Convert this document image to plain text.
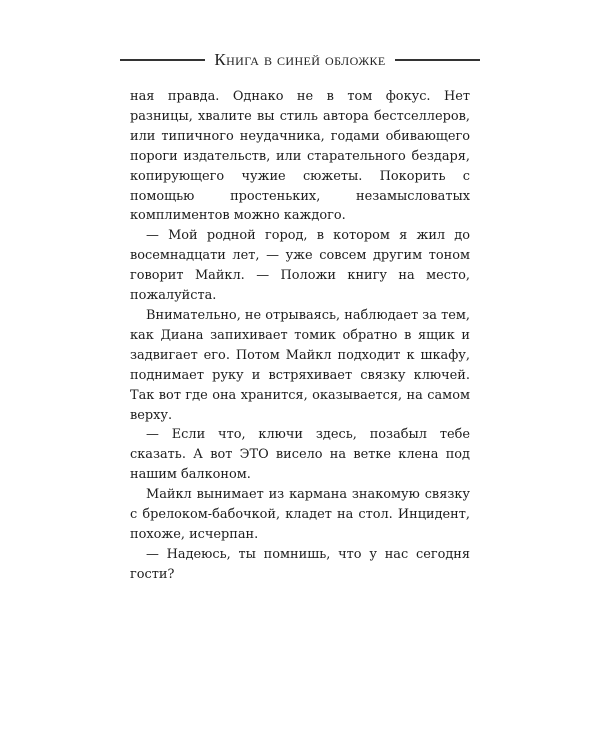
Книга в синей обложке

ная правда. Однако не в том фокус. Нет разницы, хвалите вы стиль автора бестселлеров, или типичного неудачника, годами обивающего пороги издательств, или старательного бездаря, копирующего чужие сюжеты. Покорить с помощью простеньких, незамысловатых комплиментов можно каждого.

— Мой родной город, в котором я жил до восемнадцати лет, — уже совсем другим тоном говорит Майкл. — Положи книгу на место, пожалуйста.

Внимательно, не отрываясь, наблюдает за тем, как Диана запихивает томик обратно в ящик и задвигает его. Потом Майкл подходит к шкафу, поднимает руку и встряхивает связку ключей. Так вот где она хранится, оказывается, на самом верху.

— Если что, ключи здесь, позабыл тебе сказать. А вот ЭТО висело на ветке клена под нашим балконом.

Майкл вынимает из кармана знакомую связку с брелоком-бабочкой, кладет на стол. Инцидент, похоже, исчерпан.

— Надеюсь, ты помнишь, что у нас сегодня гости?
